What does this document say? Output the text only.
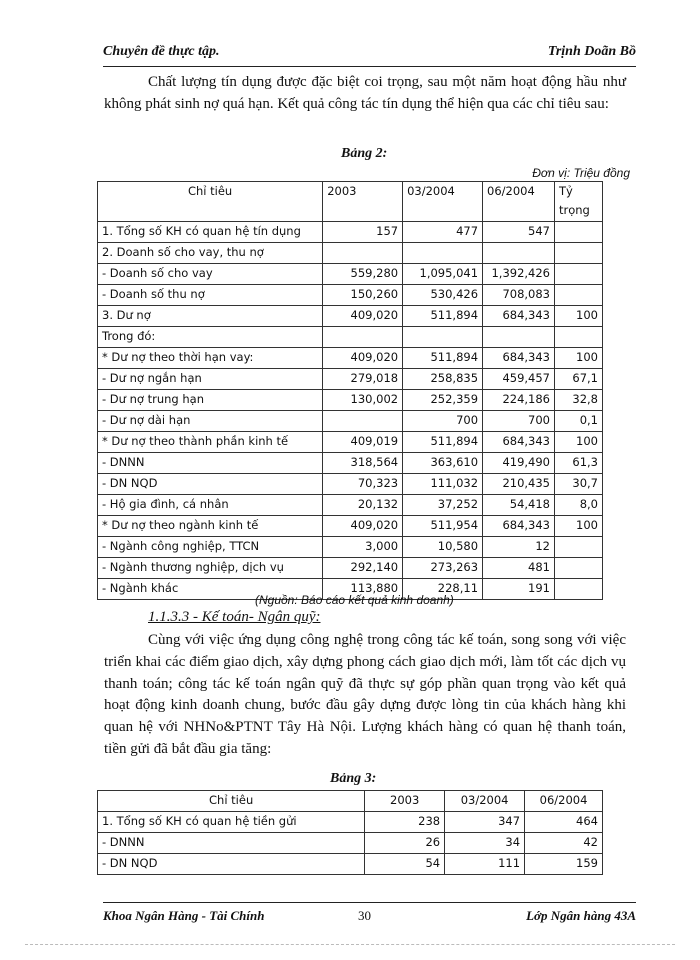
Chuyên đề thực tập.	Trịnh Doãn Bồ
Chất lượng tín dụng được đặc biệt coi trọng, sau một năm hoạt động hầu như không phát sinh nợ quá hạn. Kết quả công tác tín dụng thể hiện qua các chỉ tiêu sau:
Bảng 2:
Đơn vị: Triệu đồng
Chỉ tiêu	2003	03/2004	06/2004	Tỷ trọng
1. Tổng số KH có quan hệ tín dụng	157	477	547	
2. Doanh số cho vay, thu nợ				
- Doanh số cho vay	559,280	1,095,041	1,392,426	
- Doanh số thu nợ	150,260	530,426	708,083	
3. Dư nợ	409,020	511,894	684,343	100
Trong đó:				
* Dư nợ theo thời hạn vay:	409,020	511,894	684,343	100
- Dư nợ ngắn hạn	279,018	258,835	459,457	67,1
- Dư nợ trung hạn	130,002	252,359	224,186	32,8
- Dư nợ dài hạn		700	700	0,1
* Dư nợ theo thành phần kinh tế	409,019	511,894	684,343	100
- DNNN	318,564	363,610	419,490	61,3
- DN NQD	70,323	111,032	210,435	30,7
- Hộ gia đình, cá nhân	20,132	37,252	54,418	8,0
* Dư nợ theo ngành kinh tế	409,020	511,954	684,343	100
- Ngành công nghiệp, TTCN	3,000	10,580	12	
- Ngành thương nghiệp, dịch vụ	292,140	273,263	481	
- Ngành khác	113,880	228,11	191	
(Nguồn: Báo cáo kết quả kinh doanh)
1.1.3.3 - Kế toán- Ngân quỹ:
Cùng với việc ứng dụng công nghệ trong công tác kế toán, song song với việc triển khai các điểm giao dịch, xây dựng phong cách giao dịch mới, làm tốt các dịch vụ thanh toán; công tác kế toán ngân quỹ đã thực sự góp phần quan trọng vào kết quả hoạt động kinh doanh chung, bước đầu gây dựng được lòng tin của khách hàng khi quan hệ với NHNo&PTNT Tây Hà Nội. Lượng khách hàng có quan hệ thanh toán, tiền gửi đã bắt đầu gia tăng:
Bảng 3:
Chỉ tiêu	2003	03/2004	06/2004
1. Tổng số KH có quan hệ tiền gửi	238	347	464
- DNNN	26	34	42
- DN NQD	54	111	159
Khoa Ngân Hàng - Tài Chính	30	Lớp Ngân hàng 43A
